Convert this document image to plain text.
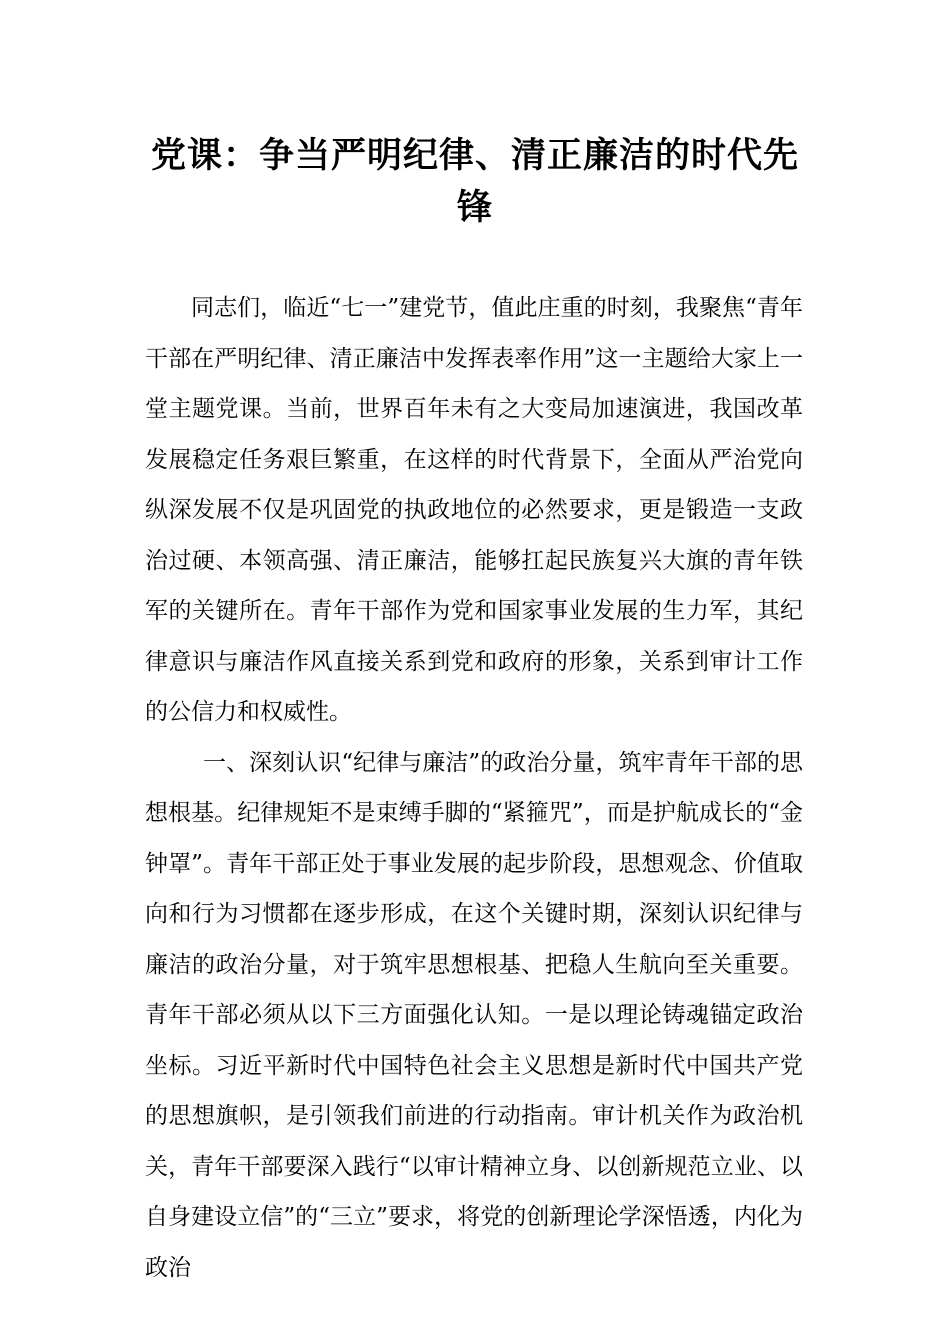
党课：争当严明纪律、清正廉洁的时代先锋

同志们，临近“七一”建党节，值此庄重的时刻，我聚焦“青年干部在严明纪律、清正廉洁中发挥表率作用”这一主题给大家上一堂主题党课。当前，世界百年未有之大变局加速演进，我国改革发展稳定任务艰巨繁重，在这样的时代背景下，全面从严治党向纵深发展不仅是巩固党的执政地位的必然要求，更是锻造一支政治过硬、本领高强、清正廉洁，能够扛起民族复兴大旗的青年铁军的关键所在。青年干部作为党和国家事业发展的生力军，其纪律意识与廉洁作风直接关系到党和政府的形象，关系到审计工作的公信力和权威性。

一、深刻认识“纪律与廉洁”的政治分量，筑牢青年干部的思想根基。纪律规矩不是束缚手脚的“紧箍咒”，而是护航成长的“金钟罩”。青年干部正处于事业发展的起步阶段，思想观念、价值取向和行为习惯都在逐步形成，在这个关键时期，深刻认识纪律与廉洁的政治分量，对于筑牢思想根基、把稳人生航向至关重要。青年干部必须从以下三方面强化认知。一是以理论铸魂锚定政治坐标。习近平新时代中国特色社会主义思想是新时代中国共产党的思想旗帜，是引领我们前进的行动指南。审计机关作为政治机关，青年干部要深入践行“以审计精神立身、以创新规范立业、以自身建设立信”的“三立”要求，将党的创新理论学深悟透，内化为政治
